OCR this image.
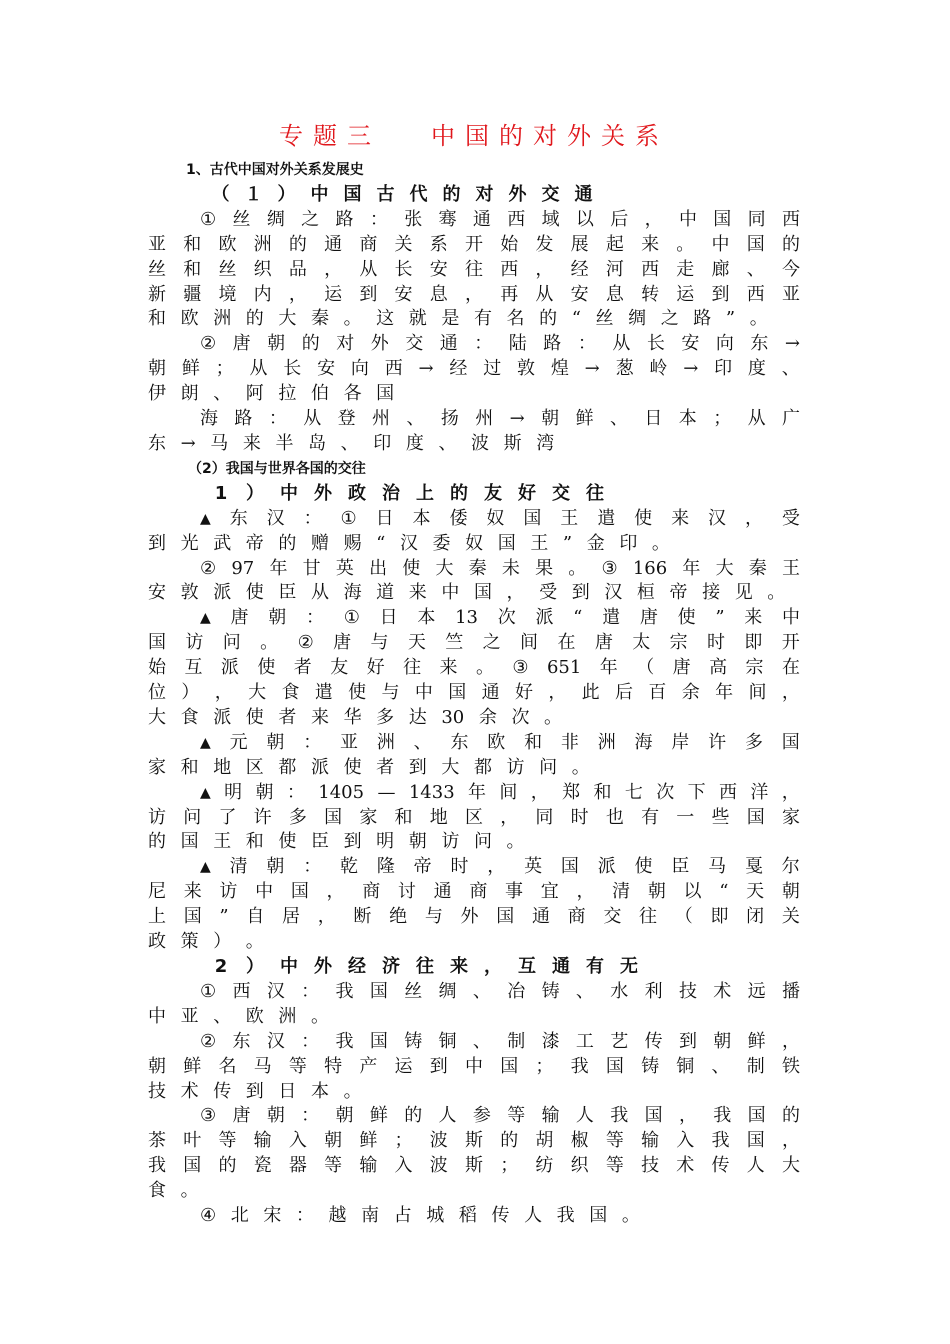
专题三 中国的对外关系
1、古代中国对外关系发展史
（ １ ） 中 国 古 代 的 对 外 交 通
① 丝 绸 之 路 ： 张 骞 通 西 域 以 后 ， 中 国 同 西
亚 和 欧 洲 的 通 商 关 系 开 始 发 展 起 来 。 中 国 的
丝 和 丝 织 品 ， 从 长 安 往 西 ， 经 河 西 走 廊 、 今
新 疆 境 内 ， 运 到 安 息 ， 再 从 安 息 转 运 到 西 亚
和 欧 洲 的 大 秦 。 这 就 是 有 名 的 “ 丝 绸 之 路 ” 。
② 唐 朝 的 对 外 交 通 ： 陆 路 ： 从 长 安 向 东 →
朝 鲜 ； 从 长 安 向 西 → 经 过 敦 煌 → 葱 岭 → 印 度 、
伊 朗 、 阿 拉 伯 各 国
海 路 ： 从 登 州 、 扬 州 → 朝 鲜 、 日 本 ； 从 广
东 → 马 来 半 岛 、 印 度 、 波 斯 湾
（2）我国与世界各国的交往
1	） 中 外 政 治 上 的 友 好 交 往
▲ 东 汉 ： ① 日 本 倭 奴 国 王 遣 使 来 汉 ， 受
到 光 武 帝 的 赠 赐 “ 汉 委 奴 国 王 ” 金 印 。
② 97 年 甘 英 出 使 大 秦 未 果 。 ③ 166 年 大 秦 王
安 敦 派 使 臣 从 海 道 来 中 国 ， 受 到 汉 桓 帝 接 见 。
▲ 唐 朝 ： ① 日 本 13 次 派 “ 遣 唐 使 ” 来 中
国 访 问 。 ② 唐 与 天 竺 之 间 在 唐 太 宗 时 即 开
始 互 派 使 者 友 好 往 来 。 ③ 651 年 （ 唐 高 宗 在
位 ） ， 大 食 遣 使 与 中 国 通 好 ， 此 后 百 余 年 间 ，
大 食 派 使 者 来 华 多 达 30 余 次 。
▲ 元 朝 ： 亚 洲 、 东 欧 和 非 洲 海 岸 许 多 国
家 和 地 区 都 派 使 者 到 大 都 访 问 。
▲ 明 朝 ： 1405 — 1433 年 间 ， 郑 和 七 次 下 西 洋 ，
访 问 了 许 多 国 家 和 地 区 ， 同 时 也 有 一 些 国 家
的 国 王 和 使 臣 到 明 朝 访 问 。
▲ 清 朝 ： 乾 隆 帝 时 ， 英 国 派 使 臣 马 戛 尔
尼 来 访 中 国 ， 商 讨 通 商 事 宜 ， 清 朝 以 “ 天 朝
上 国 ” 自 居 ， 断 绝 与 外 国 通 商 交 往 （ 即 闭 关
政 策 ） 。
2	） 中 外 经 济 往 来 ， 互 通 有 无
① 西 汉 ： 我 国 丝 绸 、 冶 铸 、 水 利 技 术 远 播
中 亚 、 欧 洲 。
② 东 汉 ： 我 国 铸 铜 、 制 漆 工 艺 传 到 朝 鲜 ，
朝 鲜 名 马 等 特 产 运 到 中 国 ； 我 国 铸 铜 、 制 铁
技 术 传 到 日 本 。
③ 唐 朝 ： 朝 鲜 的 人 参 等 输 人 我 国 ， 我 国 的
茶 叶 等 输 入 朝 鲜 ； 波 斯 的 胡 椒 等 输 入 我 国 ，
我 国 的 瓷 器 等 输 入 波 斯 ； 纺 织 等 技 术 传 人 大
食 。
④ 北 宋 ： 越 南 占 城 稻 传 人 我 国 。
